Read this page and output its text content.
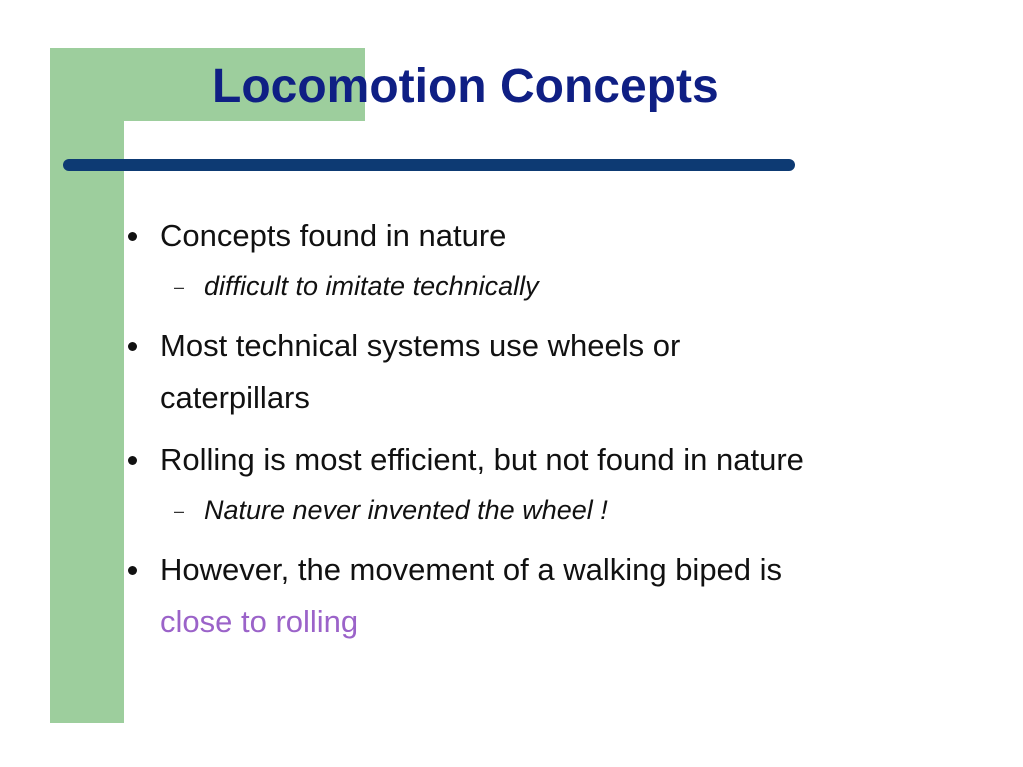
Locomotion Concepts
Concepts found in nature
– difficult to imitate technically
Most technical systems use wheels or
caterpillars
Rolling is most efficient, but not found in nature
– Nature never invented the wheel !
However, the movement of a walking biped is
close to rolling
